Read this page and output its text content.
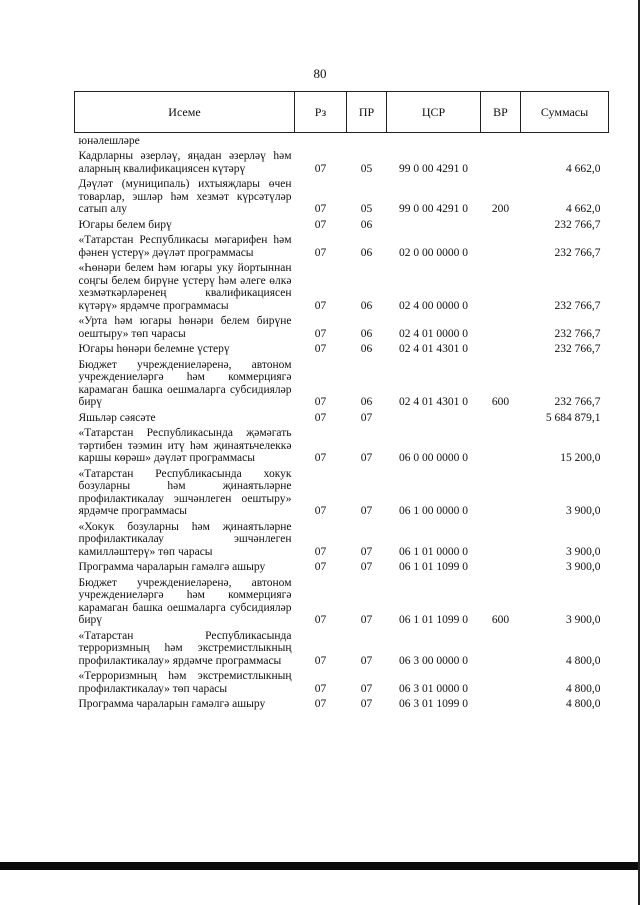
80
Исеме	Рз	ПР	ЦСР	ВР	Суммасы
юнәлешләре					
Кадрларны әзерләү, яңадан әзерләү һәм аларның квалификациясен күтәрү	07	05	99 0 00 4291 0		4 662,0
Дәүләт (муниципаль) ихтыяҗлары өчен товарлар, эшләр һәм хезмәт күрсәтүләр сатып алу	07	05	99 0 00 4291 0	200	4 662,0
Югары белем бирү	07	06			232 766,7
«Татарстан Республикасы мәгарифен һәм фәнен үстерү» дәүләт программасы	07	06	02 0 00 0000 0		232 766,7
«Һөнәри белем һәм югары уку йортыннан соңгы белем бирүне үстерү һәм әлеге өлкә хезмәткәрләренең квалификациясен күтәрү» ярдәмче программасы	07	06	02 4 00 0000 0		232 766,7
«Урта һәм югары һөнәри белем бирүне оештыру» төп чарасы	07	06	02 4 01 0000 0		232 766,7
Югары һөнәри белемне үстерү	07	06	02 4 01 4301 0		232 766,7
Бюджет учреждениеләренә, автоном учреждениеләргә һәм коммерциягә карамаган башка оешмаларга субсидияләр бирү	07	06	02 4 01 4301 0	600	232 766,7
Яшьләр сәясәте	07	07			5 684 879,1
«Татарстан Республикасында җәмәгать тәртибен тәэмин итү һәм җинаятьчелеккә каршы көрәш» дәүләт программасы	07	07	06 0 00 0000 0		15 200,0
«Татарстан Республикасында хокук бозуларны һәм җинаятьләрне профилактикалау эшчәнлеген оештыру» ярдәмче программасы	07	07	06 1 00 0000 0		3 900,0
«Хокук бозуларны һәм җинаятьләрне профилактикалау эшчәнлеген камилләштерү» төп чарасы	07	07	06 1 01 0000 0		3 900,0
Программа чараларын гамәлгә ашыру	07	07	06 1 01 1099 0		3 900,0
Бюджет учреждениеләренә, автоном учреждениеләргә һәм коммерциягә карамаган башка оешмаларга субсидияләр бирү	07	07	06 1 01 1099 0	600	3 900,0
«Татарстан Республикасында терроризмның һәм экстремистлыкның профилактикалау» ярдәмче программасы	07	07	06 3 00 0000 0		4 800,0
«Терроризмның һәм экстремистлыкның профилактикалау» төп чарасы	07	07	06 3 01 0000 0		4 800,0
Программа чараларын гамәлгә ашыру	07	07	06 3 01 1099 0		4 800,0
